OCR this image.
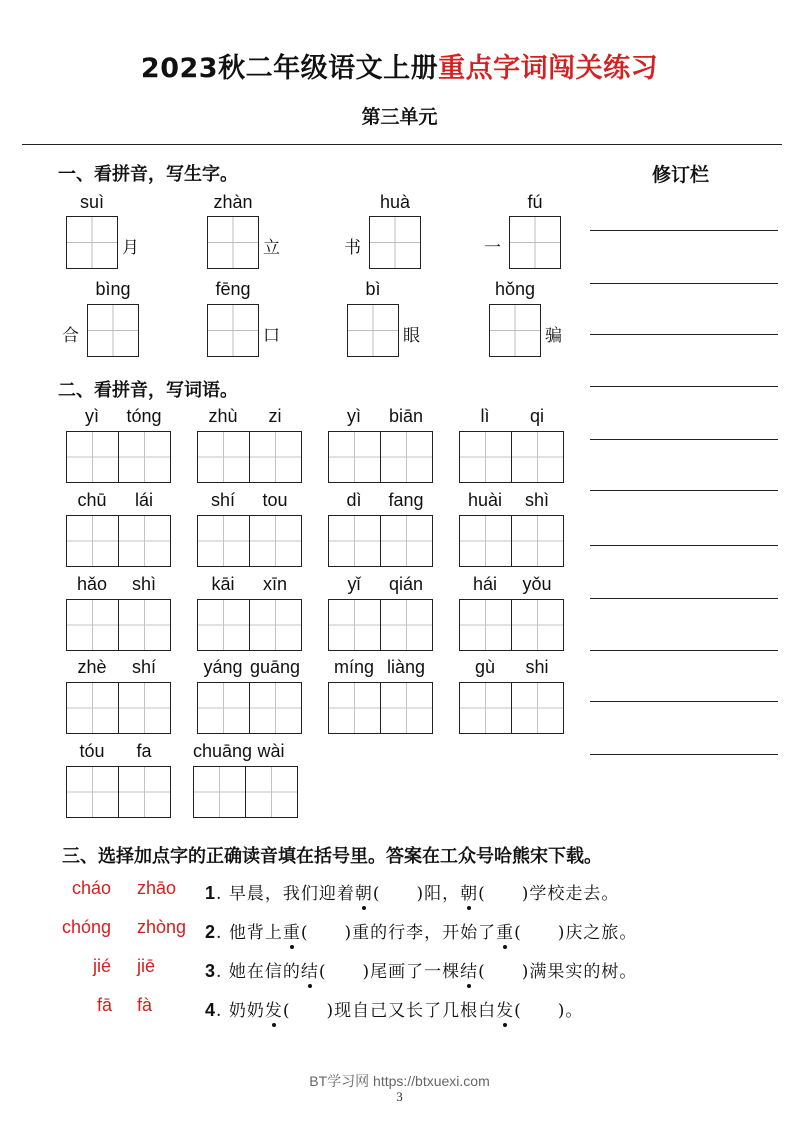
2023秋二年级语文上册重点字词闯关练习
第三单元
修订栏
一、看拼音，写生字。
suì
月
zhàn
立
huà
书
fú
一
bìng
合
fēng
口
bì
眼
hǒng
骗
二、看拼音，写词语。
yì	tóng	zhù	zi	yì	biān	lì	qi
chū	lái	shí	tou	dì	fang	huài	shì
hǎo	shì	kāi	xīn	yǐ	qián	hái	yǒu
zhè	shí	yáng guāng	míng liàng	gù	shi
tóu	fa	chuāng wài
三、选择加点字的正确读音填在括号里。答案在工众号哈熊宋下载。
cháo zhāo 1. 早晨，我们迎着朝(　　)阳，朝(　　)学校走去。
chóng zhòng 2. 他背上重(　　)重的行李，开始了重(　　)庆之旅。
jié jiē	3. 她在信的结(　　)尾画了一棵结(　　)满果实的树。
fā fà	4. 奶奶发(　　)现自己又长了几根白发(　　)。
BT学习网 https://btxuexi.com
3
